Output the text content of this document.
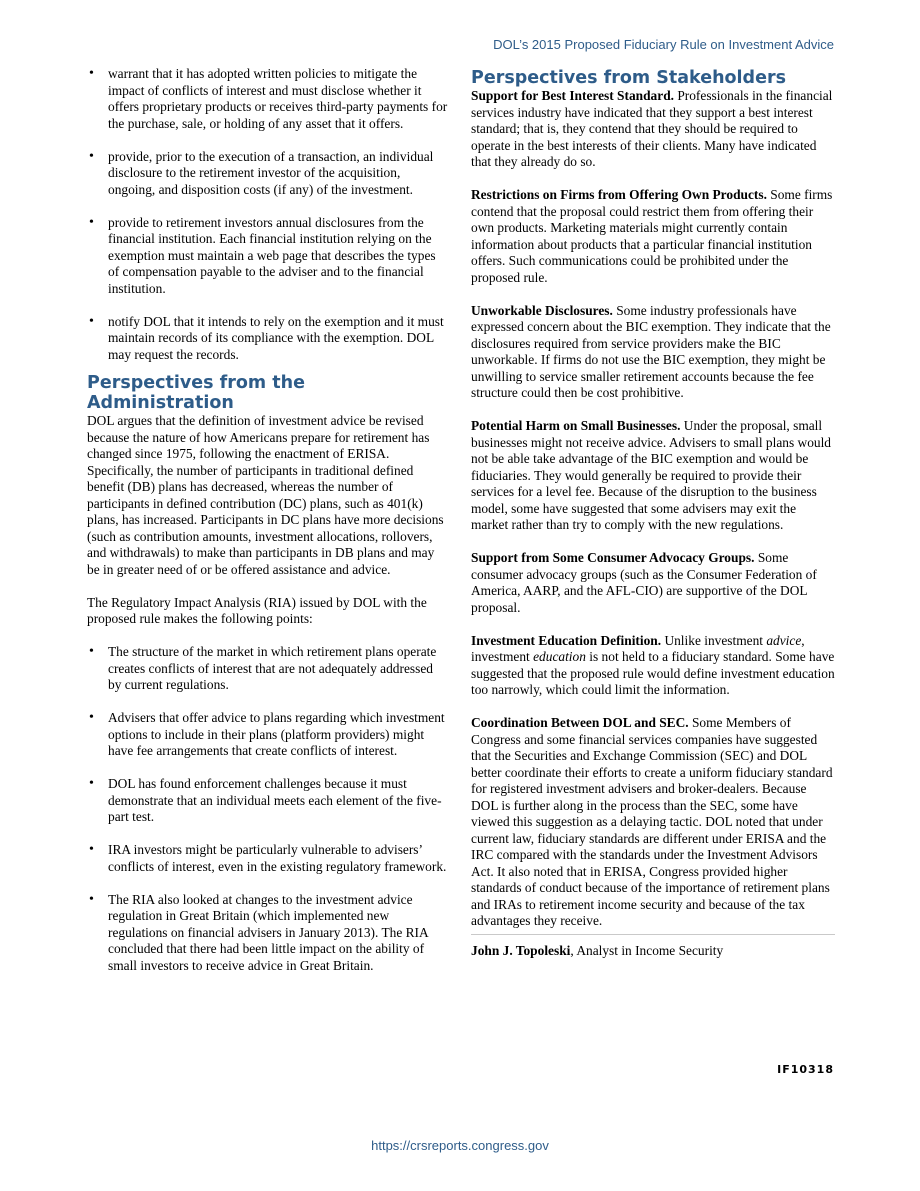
DOL’s 2015 Proposed Fiduciary Rule on Investment Advice
• warrant that it has adopted written policies to mitigate the impact of conflicts of interest and must disclose whether it offers proprietary products or receives third-party payments for the purchase, sale, or holding of any asset that it offers.
• provide, prior to the execution of a transaction, an individual disclosure to the retirement investor of the acquisition, ongoing, and disposition costs (if any) of the investment.
• provide to retirement investors annual disclosures from the financial institution. Each financial institution relying on the exemption must maintain a web page that describes the types of compensation payable to the adviser and to the financial institution.
• notify DOL that it intends to rely on the exemption and it must maintain records of its compliance with the exemption. DOL may request the records.
Perspectives from the Administration

DOL argues that the definition of investment advice be revised because the nature of how Americans prepare for retirement has changed since 1975, following the enactment of ERISA. Specifically, the number of participants in traditional defined benefit (DB) plans has decreased, whereas the number of participants in defined contribution (DC) plans, such as 401(k) plans, has increased. Participants in DC plans have more decisions (such as contribution amounts, investment allocations, rollovers, and withdrawals) to make than participants in DB plans and may be in greater need of or be offered assistance and advice.

The Regulatory Impact Analysis (RIA) issued by DOL with the proposed rule makes the following points:

• The structure of the market in which retirement plans operate creates conflicts of interest that are not adequately addressed by current regulations.
• Advisers that offer advice to plans regarding which investment options to include in their plans (platform providers) might have fee arrangements that create conflicts of interest.
• DOL has found enforcement challenges because it must demonstrate that an individual meets each element of the five-part test.
• IRA investors might be particularly vulnerable to advisers’ conflicts of interest, even in the existing regulatory framework.
• The RIA also looked at changes to the investment advice regulation in Great Britain (which implemented new regulations on financial advisers in January 2013). The RIA concluded that there had been little impact on the ability of small investors to receive advice in Great Britain.
Perspectives from Stakeholders

Support for Best Interest Standard. Professionals in the financial services industry have indicated that they support a best interest standard; that is, they contend that they should be required to operate in the best interests of their clients. Many have indicated that they already do so.

Restrictions on Firms from Offering Own Products. Some firms contend that the proposal could restrict them from offering their own products. Marketing materials might currently contain information about products that a particular financial institution offers. Such communications could be prohibited under the proposed rule.

Unworkable Disclosures. Some industry professionals have expressed concern about the BIC exemption. They indicate that the disclosures required from service providers make the BIC unworkable. If firms do not use the BIC exemption, they might be unwilling to service smaller retirement accounts because the fee structure could then be cost prohibitive.

Potential Harm on Small Businesses. Under the proposal, small businesses might not receive advice. Advisers to small plans would not be able take advantage of the BIC exemption and would be fiduciaries. They would generally be required to provide their services for a level fee. Because of the disruption to the business model, some have suggested that some advisers may exit the market rather than try to comply with the new regulations.

Support from Some Consumer Advocacy Groups. Some consumer advocacy groups (such as the Consumer Federation of America, AARP, and the AFL-CIO) are supportive of the DOL proposal.

Investment Education Definition. Unlike investment advice, investment education is not held to a fiduciary standard. Some have suggested that the proposed rule would define investment education too narrowly, which could limit the information.

Coordination Between DOL and SEC. Some Members of Congress and some financial services companies have suggested that the Securities and Exchange Commission (SEC) and DOL better coordinate their efforts to create a uniform fiduciary standard for registered investment advisers and broker-dealers. Because DOL is further along in the process than the SEC, some have viewed this suggestion as a delaying tactic. DOL noted that under current law, fiduciary standards are different under ERISA and the IRC compared with the standards under the Investment Advisors Act. It also noted that in ERISA, Congress provided higher standards of conduct because of the importance of retirement plans and IRAs to retirement income security and because of the tax advantages they receive.

John J. Topoleski, Analyst in Income Security

IF10318
https://crsreports.congress.gov
